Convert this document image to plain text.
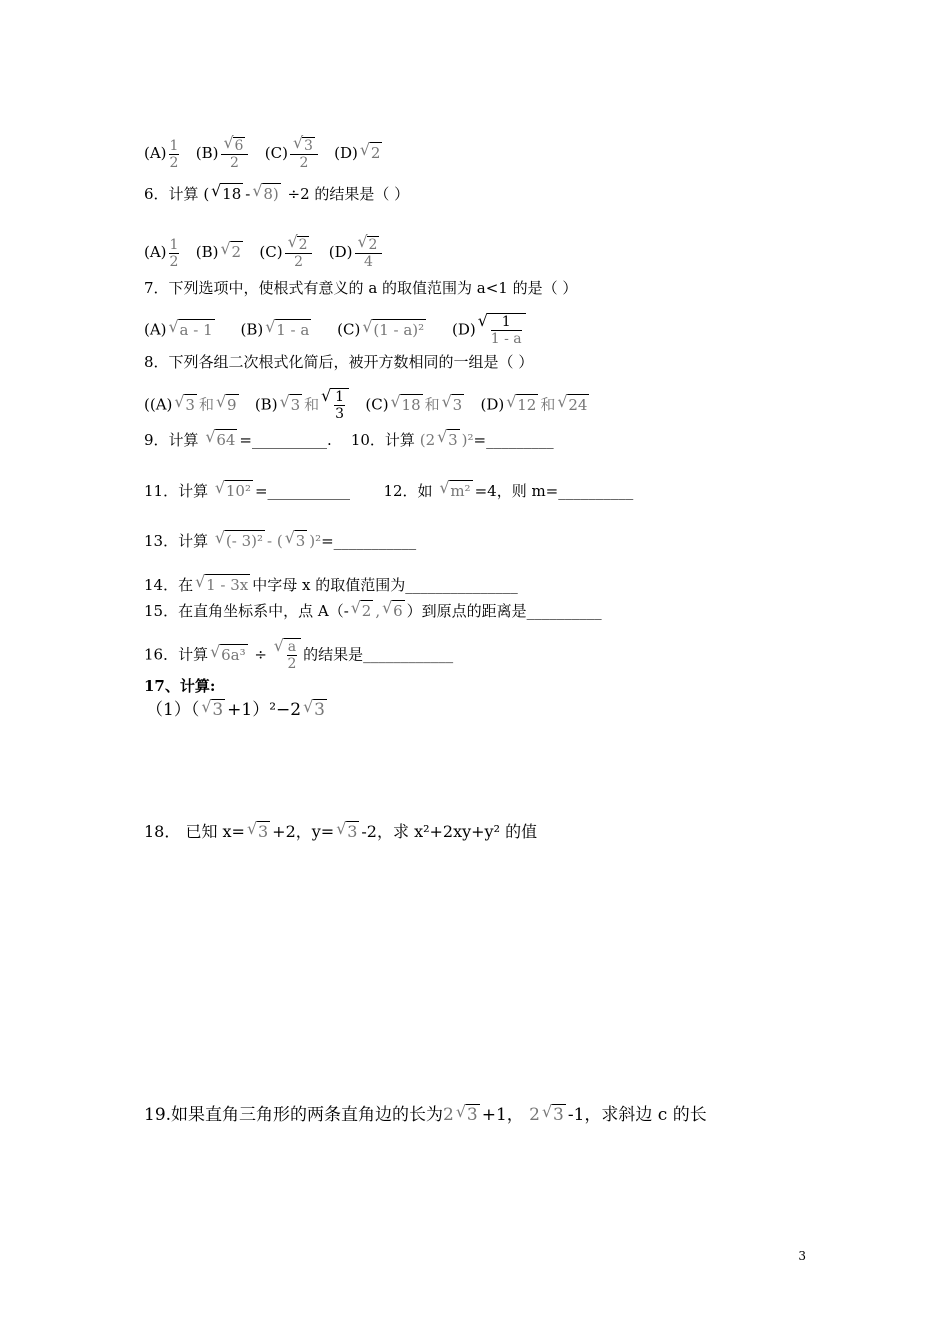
$(A) \frac{1}{2} (B)$
√ $\frac{6}{2} (C)$
√ $\frac{3}{2} (D)√$ 2
6．计算 (√ 18 -√ 8) ÷2 的结果是（ ）
$(A) \frac{1}{2} (B)√$ 2 (C)
√ $\frac{2}{2} (D)$
√ $\frac{2}{4}$
7．下列选项中，使根式有意义的 a 的取值范围为 a<1 的是（ ）
(A)√ a - 1 (B)√ 1 - a (C)√ (1 - a)² (D)
√ $\frac{1}{1 - a}$
8．下列各组二次根式化简后，被开方数相同的一组是（ ）
((A)√ 3 和√ 9 (B)√ 3 和
√ $\frac{1}{3} (C)√$ 18 和√ 3 (D)√ 12 和√ 24
9．计算 √ 64 =__________. 10．计算 (2√ 3 )²=_________
11．计算 √ 10² =___________ 12．如 √ m² =4，则 m=__________
13．计算 √ (- 3)² - (√ 3 )²=___________
14．在√ 1 - 3x 中字母 x 的取值范围为_______________
15．在直角坐标系中，点 A（-√ 2 ,√ 6 ）到原点的距离是__________
16．计算√ 6a³ ÷
√ $\frac{a}{2}$ 的结果是____________
17、计算:
（1）（√ 3 +1）²−2√ 3
18． 已知 x=√ 3 +2，y=√ 3 -2，求 x²+2xy+y² 的值
19.如果直角三角形的两条直角边的长为2√ 3 +1， 2√ 3 -1，求斜边 c 的长
3
